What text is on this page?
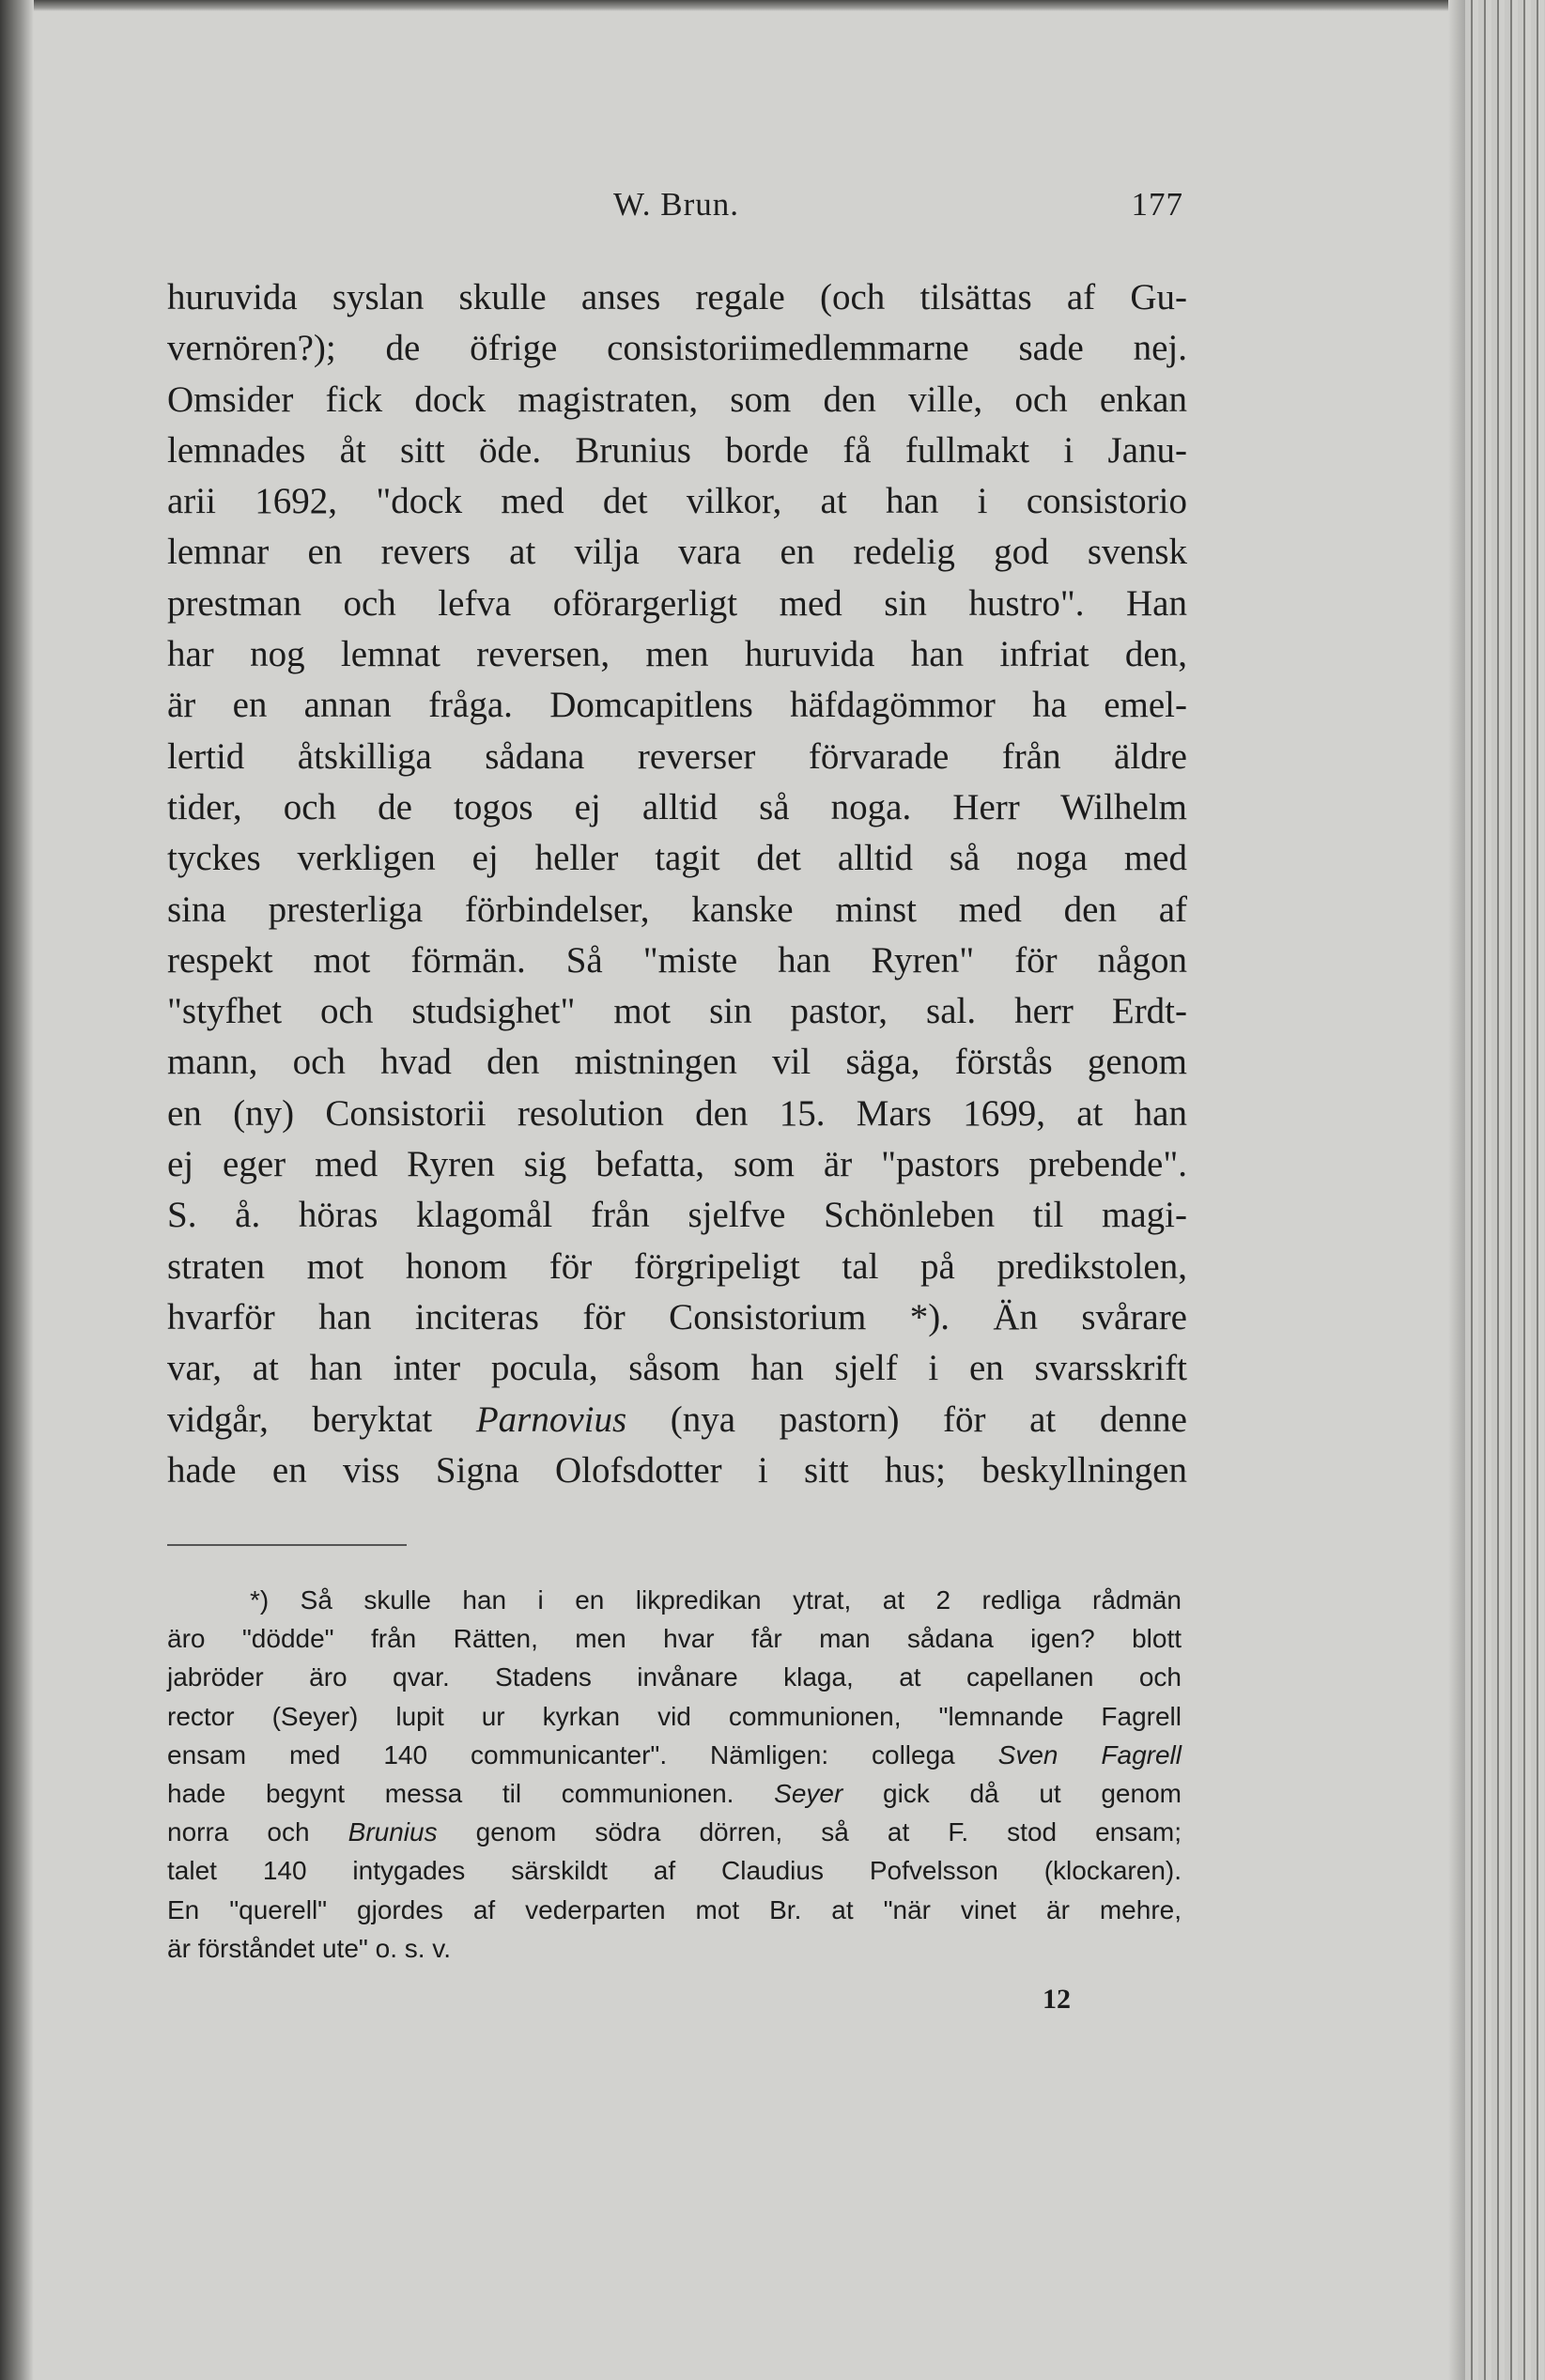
W. Brun.	177
huruvida syslan skulle anses regale (och tilsättas af Gu-
vernören?); de öfrige consistoriimedlemmarne sade nej.
Omsider fick dock magistraten, som den ville, och enkan
lemnades åt sitt öde. Brunius borde få fullmakt i Janu-
arii 1692, "dock med det vilkor, at han i consistorio
lemnar en revers at vilja vara en redelig god svensk
prestman och lefva oförargerligt med sin hustro". Han
har nog lemnat reversen, men huruvida han infriat den,
är en annan fråga. Domcapitlens häfdagömmor ha emel-
lertid åtskilliga sådana reverser förvarade från äldre
tider, och de togos ej alltid så noga. Herr Wilhelm
tyckes verkligen ej heller tagit det alltid så noga med
sina presterliga förbindelser, kanske minst med den af
respekt mot förmän. Så "miste han Ryren" för någon
"styfhet och studsighet" mot sin pastor, sal. herr Erdt-
mann, och hvad den mistningen vil säga, förstås genom
en (ny) Consistorii resolution den 15. Mars 1699, at han
ej eger med Ryren sig befatta, som är "pastors prebende".
S. å. höras klagomål från sjelfve Schönleben til magi-
straten mot honom för förgripeligt tal på predikstolen,
hvarför han inciteras för Consistorium *). Än svårare
var, at han inter pocula, såsom han sjelf i en svarsskrift
vidgår, beryktat Parnovius (nya pastorn) för at denne
hade en viss Signa Olofsdotter i sitt hus; beskyllningen
*) Så skulle han i en likpredikan ytrat, at 2 redliga rådmän
äro "dödde" från Rätten, men hvar får man sådana igen? blott
jabröder äro qvar. Stadens invånare klaga, at capellanen och
rector (Seyer) lupit ur kyrkan vid communionen, "lemnande Fagrell
ensam med 140 communicanter". Nämligen: collega Sven Fagrell
hade begynt messa til communionen. Seyer gick då ut genom
norra och Brunius genom södra dörren, så at F. stod ensam;
talet 140 intygades särskildt af Claudius Pofvelsson (klockaren).
En "querell" gjordes af vederparten mot Br. at "när vinet är mehre,
är förståndet ute" o. s. v.
12
